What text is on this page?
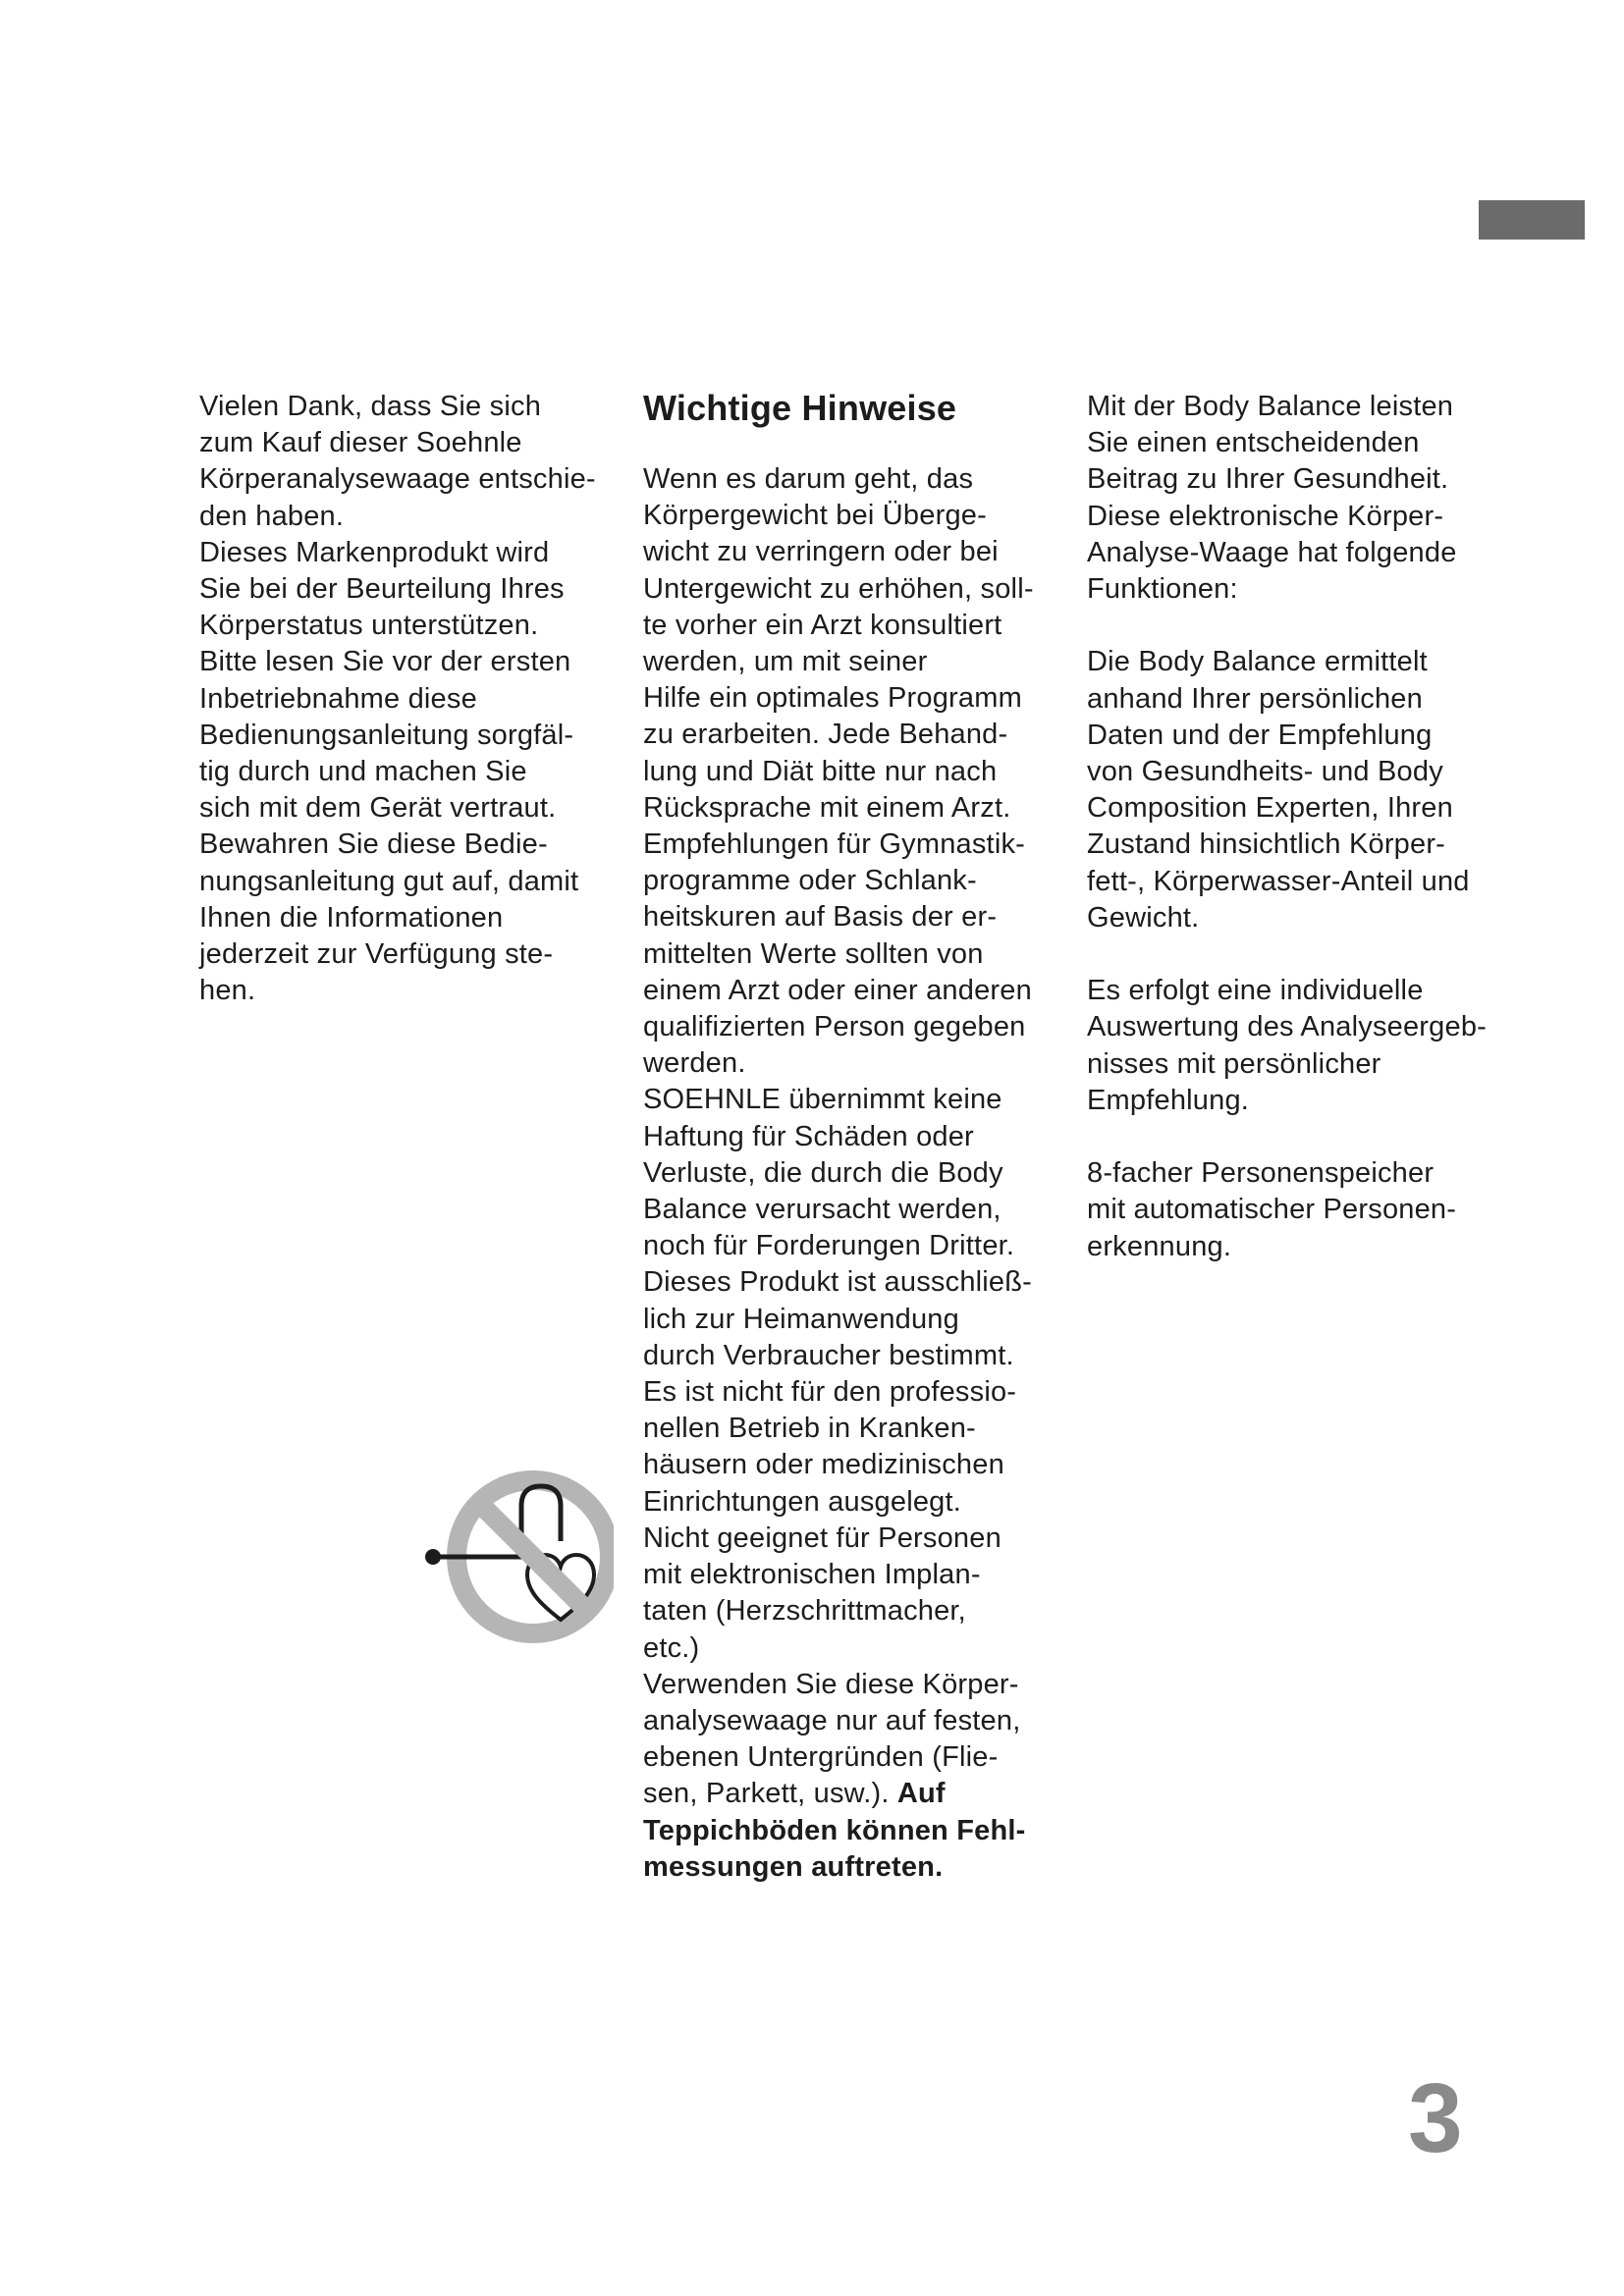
Vielen Dank, dass Sie sich
zum Kauf dieser Soehnle
Körperanalysewaage entschie-
den haben.

Dieses Markenprodukt wird
Sie bei der Beurteilung Ihres
Körperstatus unterstützen.

Bitte lesen Sie vor der ersten
Inbetriebnahme diese
Bedienungsanleitung sorgfäl-
tig durch und machen Sie
sich mit dem Gerät vertraut.

Bewahren Sie diese Bedie-
nungsanleitung gut auf, damit
Ihnen die Informationen
jederzeit zur Verfügung ste-
hen.

Wichtige Hinweise

Wenn es darum geht, das
Körpergewicht bei Überge-
wicht zu verringern oder bei
Untergewicht zu erhöhen, soll-
te vorher ein Arzt konsultiert
werden, um mit seiner
Hilfe ein optimales Programm
zu erarbeiten. Jede Behand-
lung und Diät bitte nur nach
Rücksprache mit einem Arzt.

Empfehlungen für Gymnastik-
programme oder Schlank-
heitskuren auf Basis der er-
mittelten Werte sollten von
einem Arzt oder einer anderen
qualifizierten Person gegeben
werden.

SOEHNLE übernimmt keine
Haftung für Schäden oder
Verluste, die durch die Body
Balance verursacht werden,
noch für Forderungen Dritter.

Dieses Produkt ist ausschließ-
lich zur Heimanwendung
durch Verbraucher bestimmt.
Es ist nicht für den professio-
nellen Betrieb in Kranken-
häusern oder medizinischen
Einrichtungen ausgelegt.

Nicht geeignet für Personen
mit elektronischen Implan-
taten (Herzschrittmacher,
etc.)

Verwenden Sie diese Körper-
analysewaage nur auf festen,
ebenen Untergründen (Flie-
sen, Parkett, usw.). Auf
Teppichböden können Fehl-
messungen auftreten.

Mit der Body Balance leisten
Sie einen entscheidenden
Beitrag zu Ihrer Gesundheit.
Diese elektronische Körper-
Analyse-Waage hat folgende
Funktionen:

Die Body Balance ermittelt
anhand Ihrer persönlichen
Daten und der Empfehlung
von Gesundheits- und Body
Composition Experten, Ihren
Zustand hinsichtlich Körper-
fett-, Körperwasser-Anteil und
Gewicht.

Es erfolgt eine individuelle
Auswertung des Analyseergeb-
nisses mit persönlicher
Empfehlung.

8-facher Personenspeicher
mit automatischer Personen-
erkennung.

3
